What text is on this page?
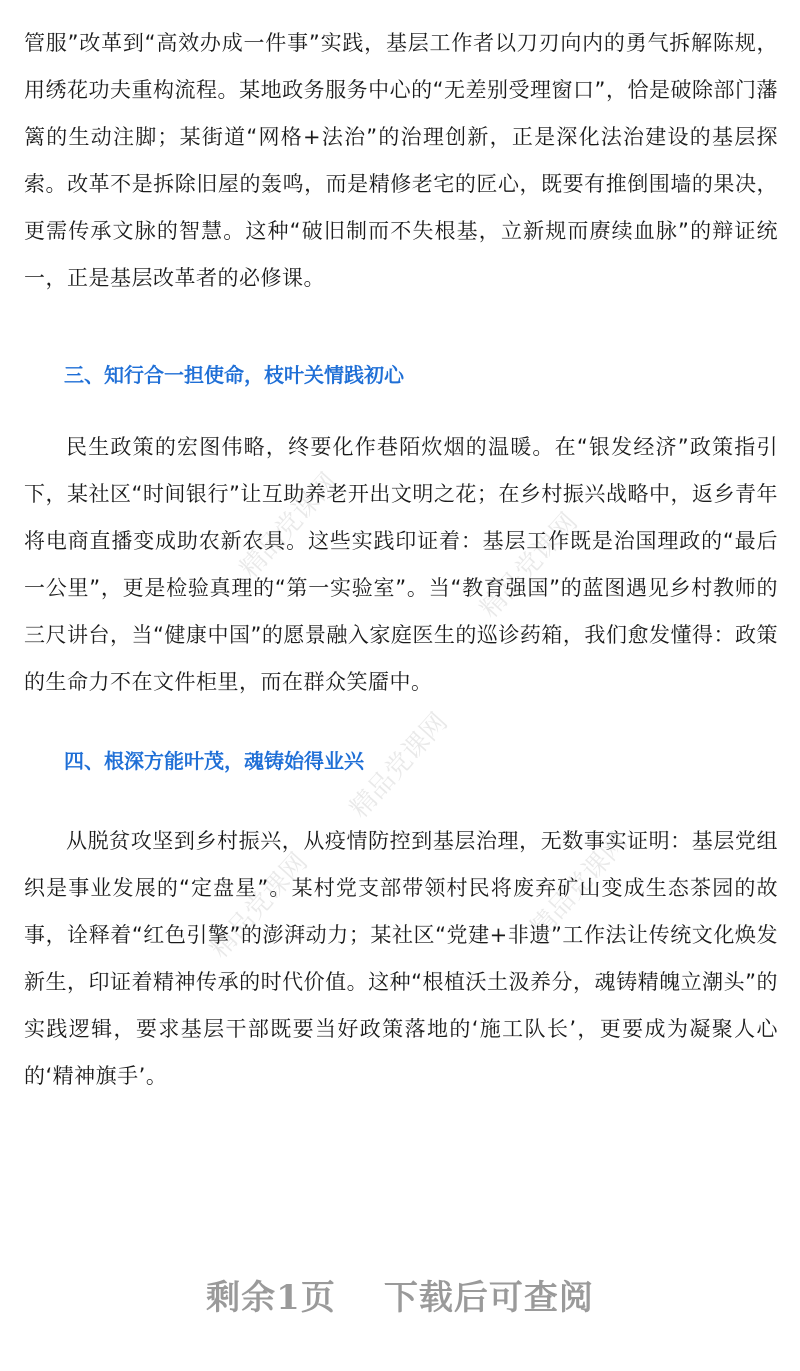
精品党课网	精品党课网
精品党课网
精品党课网	精品党课网

管服”改革到“高效办成一件事”实践，基层工作者以刀刃向内的勇气拆解陈规，用绣花功夫重构流程。某地政务服务中心的“无差别受理窗口”，恰是破除部门藩篱的生动注脚；某街道“网格+法治”的治理创新，正是深化法治建设的基层探索。改革不是拆除旧屋的轰鸣，而是精修老宅的匠心，既要有推倒围墙的果决，更需传承文脉的智慧。这种“破旧制而不失根基，立新规而赓续血脉”的辩证统一，正是基层改革者的必修课。

三、知行合一担使命，枝叶关情践初心

民生政策的宏图伟略，终要化作巷陌炊烟的温暖。在“银发经济”政策指引下，某社区“时间银行”让互助养老开出文明之花；在乡村振兴战略中，返乡青年将电商直播变成助农新农具。这些实践印证着：基层工作既是治国理政的“最后一公里”，更是检验真理的“第一实验室”。当“教育强国”的蓝图遇见乡村教师的三尺讲台，当“健康中国”的愿景融入家庭医生的巡诊药箱，我们愈发懂得：政策的生命力不在文件柜里，而在群众笑靥中。

四、根深方能叶茂，魂铸始得业兴

从脱贫攻坚到乡村振兴，从疫情防控到基层治理，无数事实证明：基层党组织是事业发展的“定盘星”。某村党支部带领村民将废弃矿山变成生态茶园的故事，诠释着“红色引擎”的澎湃动力；某社区“党建+非遗”工作法让传统文化焕发新生，印证着精神传承的时代价值。这种“根植沃土汲养分，魂铸精魄立潮头”的实践逻辑，要求基层干部既要当好政策落地的‘施工队长’，更要成为凝聚人心的‘精神旗手’。

剩余1页 下载后可查阅
